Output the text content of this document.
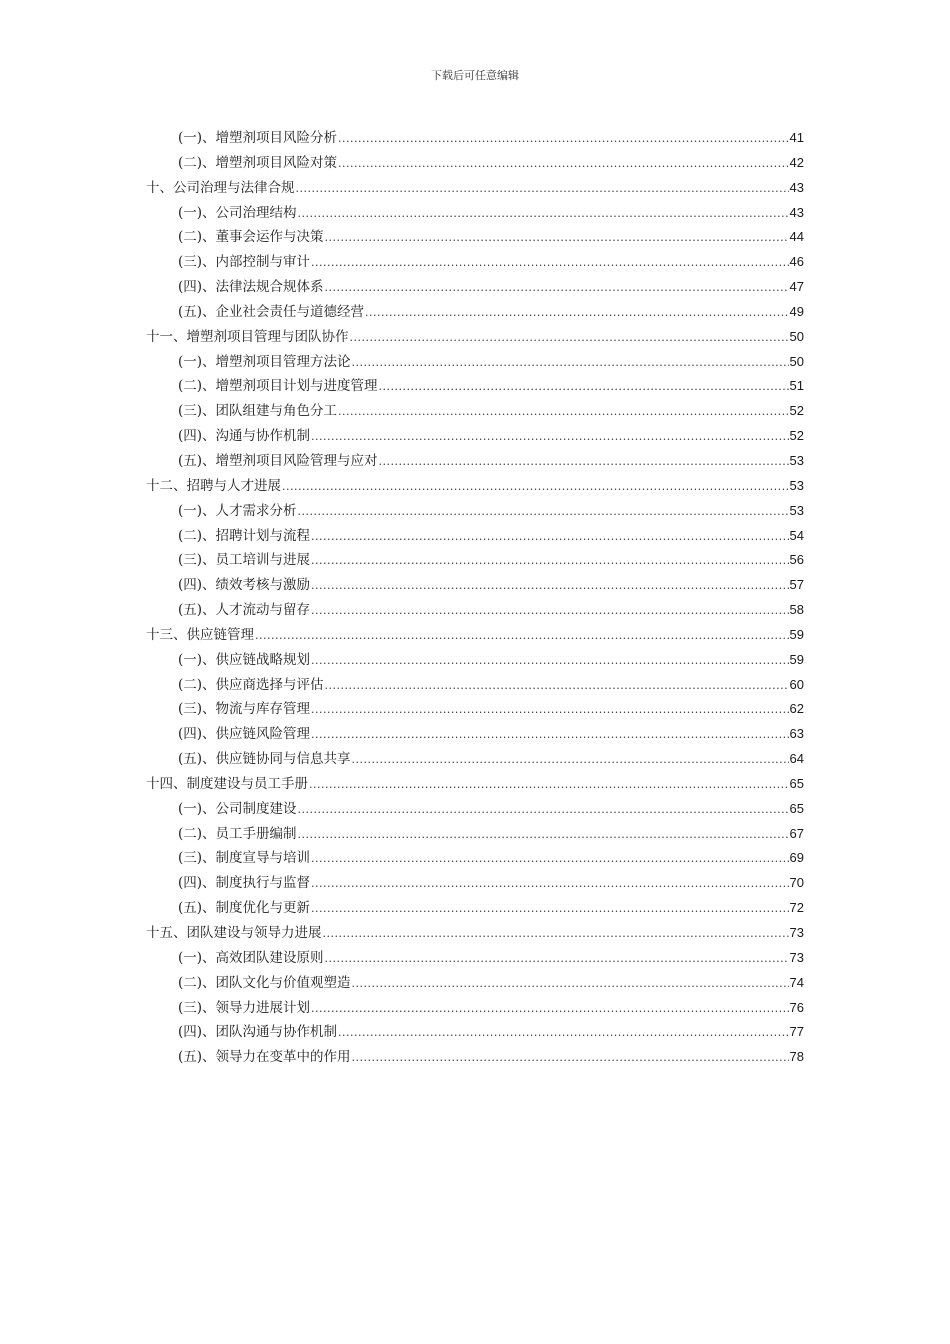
下载后可任意编辑
(一)、增塑剂项目风险分析 .....	41
(二)、增塑剂项目风险对策 .....	42
十、公司治理与法律合规 .....	43
(一)、公司治理结构 .....	43
(二)、董事会运作与决策 .....	44
(三)、内部控制与审计 .....	46
(四)、法律法规合规体系 .....	47
(五)、企业社会责任与道德经营 .....	49
十一、增塑剂项目管理与团队协作 .....	50
(一)、增塑剂项目管理方法论 .....	50
(二)、增塑剂项目计划与进度管理 .....	51
(三)、团队组建与角色分工 .....	52
(四)、沟通与协作机制 .....	52
(五)、增塑剂项目风险管理与应对 .....	53
十二、招聘与人才进展 .....	53
(一)、人才需求分析 .....	53
(二)、招聘计划与流程 .....	54
(三)、员工培训与进展 .....	56
(四)、绩效考核与激励 .....	57
(五)、人才流动与留存 .....	58
十三、供应链管理 .....	59
(一)、供应链战略规划 .....	59
(二)、供应商选择与评估 .....	60
(三)、物流与库存管理 .....	62
(四)、供应链风险管理 .....	63
(五)、供应链协同与信息共享 .....	64
十四、制度建设与员工手册 .....	65
(一)、公司制度建设 .....	65
(二)、员工手册编制 .....	67
(三)、制度宣导与培训 .....	69
(四)、制度执行与监督 .....	70
(五)、制度优化与更新 .....	72
十五、团队建设与领导力进展 .....	73
(一)、高效团队建设原则 .....	73
(二)、团队文化与价值观塑造 .....	74
(三)、领导力进展计划 .....	76
(四)、团队沟通与协作机制 .....	77
(五)、领导力在变革中的作用 .....	78
